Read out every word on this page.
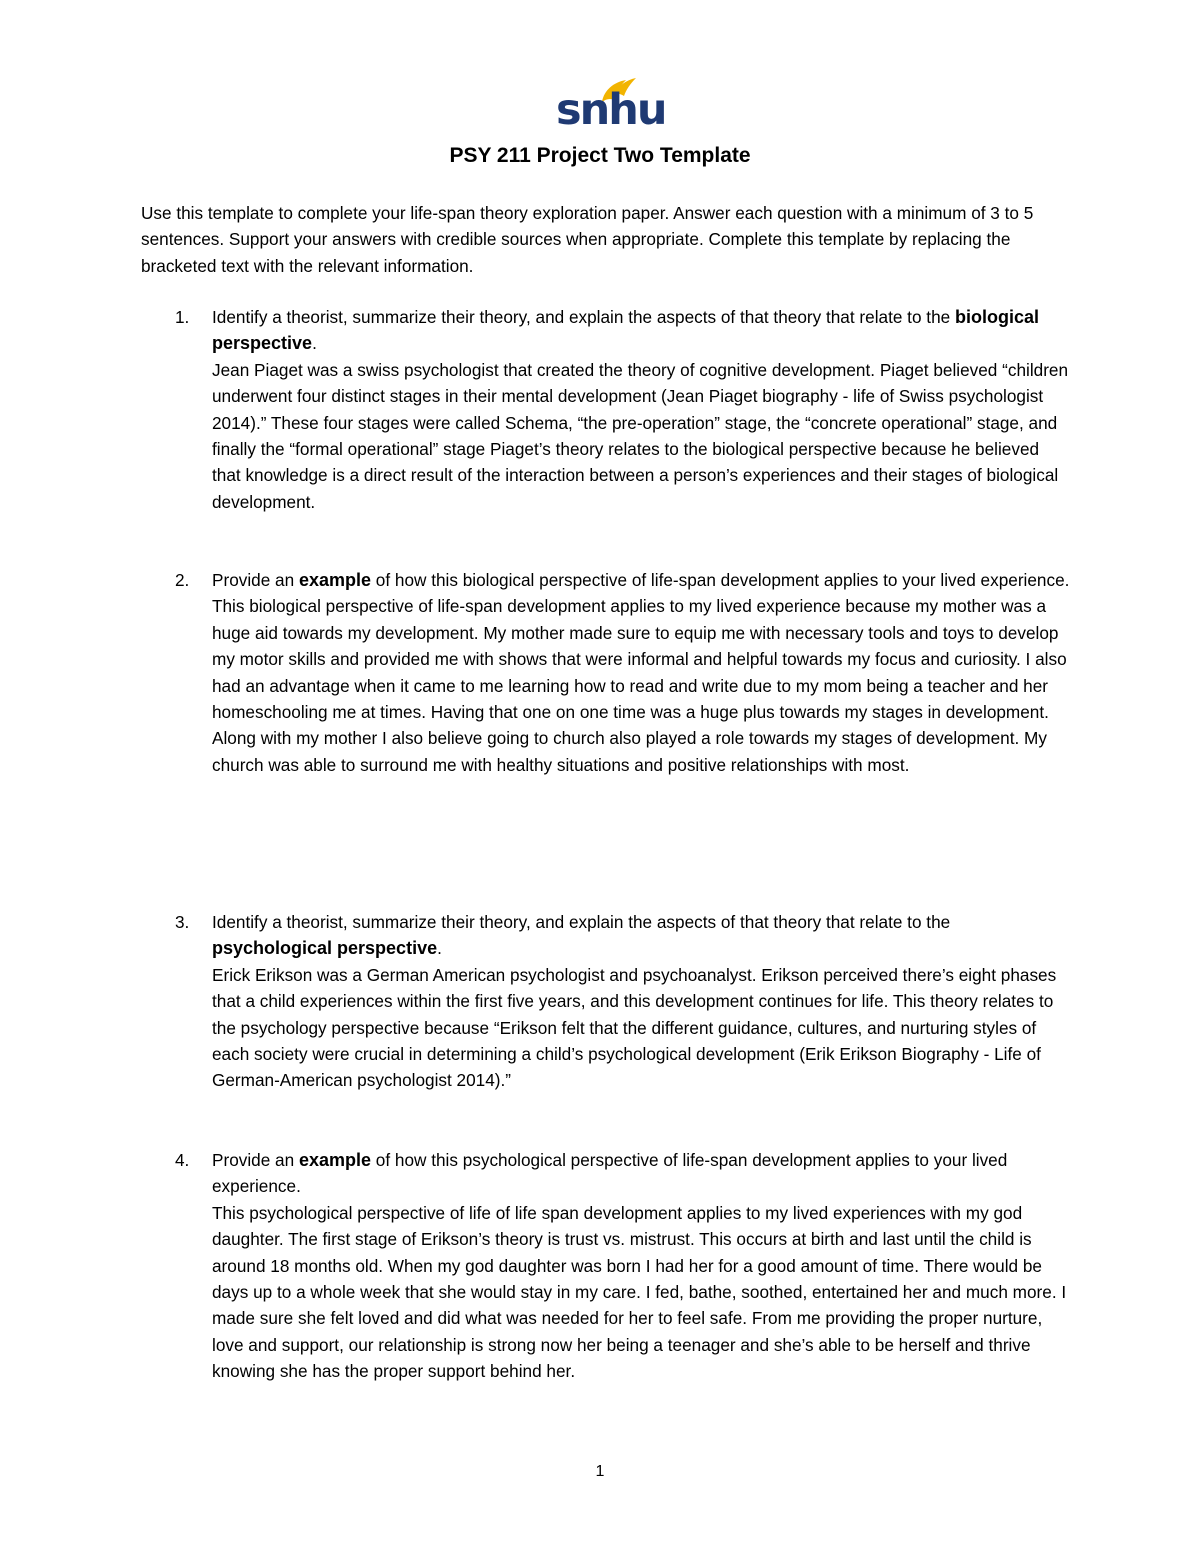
snhu
PSY 211 Project Two Template
Use this template to complete your life-span theory exploration paper. Answer each question with a minimum of 3 to 5 sentences. Support your answers with credible sources when appropriate. Complete this template by replacing the bracketed text with the relevant information.
1. Identify a theorist, summarize their theory, and explain the aspects of that theory that relate to the biological perspective.
Jean Piaget was a swiss psychologist that created the theory of cognitive development. Piaget believed “children underwent four distinct stages in their mental development (Jean Piaget biography - life of Swiss psychologist 2014).” These four stages were called Schema, “the pre-operation” stage, the “concrete operational” stage, and finally the “formal operational” stage Piaget’s theory relates to the biological perspective because he believed that knowledge is a direct result of the interaction between a person’s experiences and their stages of biological development.
2. Provide an example of how this biological perspective of life-span development applies to your lived experience.
This biological perspective of life-span development applies to my lived experience because my mother was a huge aid towards my development. My mother made sure to equip me with necessary tools and toys to develop my motor skills and provided me with shows that were informal and helpful towards my focus and curiosity. I also had an advantage when it came to me learning how to read and write due to my mom being a teacher and her homeschooling me at times. Having that one on one time was a huge plus towards my stages in development. Along with my mother I also believe going to church also played a role towards my stages of development. My church was able to surround me with healthy situations and positive relationships with most.
3. Identify a theorist, summarize their theory, and explain the aspects of that theory that relate to the psychological perspective.
Erick Erikson was a German American psychologist and psychoanalyst. Erikson perceived there’s eight phases that a child experiences within the first five years, and this development continues for life. This theory relates to the psychology perspective because “Erikson felt that the different guidance, cultures, and nurturing styles of each society were crucial in determining a child’s psychological development (Erik Erikson Biography - Life of German-American psychologist 2014).”
4. Provide an example of how this psychological perspective of life-span development applies to your lived experience.
This psychological perspective of life of life span development applies to my lived experiences with my god daughter. The first stage of Erikson’s theory is trust vs. mistrust. This occurs at birth and last until the child is around 18 months old. When my god daughter was born I had her for a good amount of time. There would be days up to a whole week that she would stay in my care. I fed, bathe, soothed, entertained her and much more. I made sure she felt loved and did what was needed for her to feel safe. From me providing the proper nurture, love and support, our relationship is strong now her being a teenager and she’s able to be herself and thrive knowing she has the proper support behind her.
1
